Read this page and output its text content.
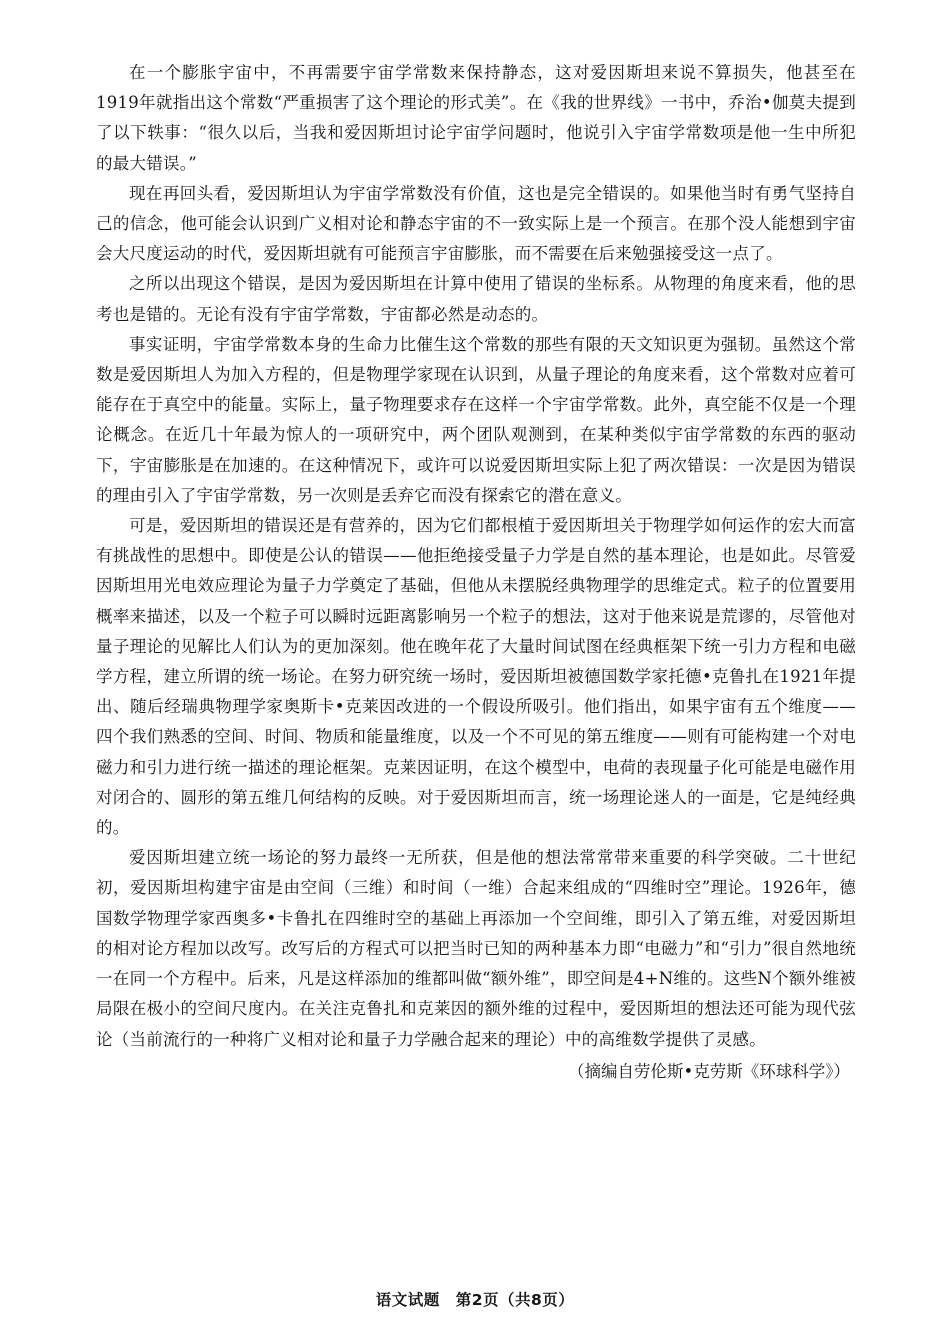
在一个膨胀宇宙中，不再需要宇宙学常数来保持静态，这对爱因斯坦来说不算损失，他甚至在1919年就指出这个常数“严重损害了这个理论的形式美”。在《我的世界线》一书中，乔治•伽莫夫提到了以下轶事：“很久以后，当我和爱因斯坦讨论宇宙学问题时，他说引入宇宙学常数项是他一生中所犯的最大错误。”

现在再回头看，爱因斯坦认为宇宙学常数没有价值，这也是完全错误的。如果他当时有勇气坚持自己的信念，他可能会认识到广义相对论和静态宇宙的不一致实际上是一个预言。在那个没人能想到宇宙会大尺度运动的时代，爱因斯坦就有可能预言宇宙膨胀，而不需要在后来勉强接受这一点了。

之所以出现这个错误，是因为爱因斯坦在计算中使用了错误的坐标系。从物理的角度来看，他的思考也是错的。无论有没有宇宙学常数，宇宙都必然是动态的。

事实证明，宇宙学常数本身的生命力比催生这个常数的那些有限的天文知识更为强韧。虽然这个常数是爱因斯坦人为加入方程的，但是物理学家现在认识到，从量子理论的角度来看，这个常数对应着可能存在于真空中的能量。实际上，量子物理要求存在这样一个宇宙学常数。此外，真空能不仅是一个理论概念。在近几十年最为惊人的一项研究中，两个团队观测到，在某种类似宇宙学常数的东西的驱动下，宇宙膨胀是在加速的。在这种情况下，或许可以说爱因斯坦实际上犯了两次错误：一次是因为错误的理由引入了宇宙学常数，另一次则是丢弃它而没有探索它的潜在意义。

可是，爱因斯坦的错误还是有营养的，因为它们都根植于爱因斯坦关于物理学如何运作的宏大而富有挑战性的思想中。即使是公认的错误——他拒绝接受量子力学是自然的基本理论，也是如此。尽管爱因斯坦用光电效应理论为量子力学奠定了基础，但他从未摆脱经典物理学的思维定式。粒子的位置要用概率来描述，以及一个粒子可以瞬时远距离影响另一个粒子的想法，这对于他来说是荒谬的，尽管他对量子理论的见解比人们认为的更加深刻。他在晚年花了大量时间试图在经典框架下统一引力方程和电磁学方程，建立所谓的统一场论。在努力研究统一场时，爱因斯坦被德国数学家托德•克鲁扎在1921年提出、随后经瑞典物理学家奥斯卡•克莱因改进的一个假设所吸引。他们指出，如果宇宙有五个维度——四个我们熟悉的空间、时间、物质和能量维度，以及一个不可见的第五维度——则有可能构建一个对电磁力和引力进行统一描述的理论框架。克莱因证明，在这个模型中，电荷的表现量子化可能是电磁作用对闭合的、圆形的第五维几何结构的反映。对于爱因斯坦而言，统一场理论迷人的一面是，它是纯经典的。

爱因斯坦建立统一场论的努力最终一无所获，但是他的想法常常带来重要的科学突破。二十世纪初，爱因斯坦构建宇宙是由空间（三维）和时间（一维）合起来组成的“四维时空”理论。1926年，德国数学物理学家西奥多•卡鲁扎在四维时空的基础上再添加一个空间维，即引入了第五维，对爱因斯坦的相对论方程加以改写。改写后的方程式可以把当时已知的两种基本力即“电磁力”和“引力”很自然地统一在同一个方程中。后来，凡是这样添加的维都叫做“额外维”，即空间是4+N维的。这些N个额外维被局限在极小的空间尺度内。在关注克鲁扎和克莱因的额外维的过程中，爱因斯坦的想法还可能为现代弦论（当前流行的一种将广义相对论和量子力学融合起来的理论）中的高维数学提供了灵感。

（摘编自劳伦斯•克劳斯《环球科学》）

语文试题　第2页（共8页）
